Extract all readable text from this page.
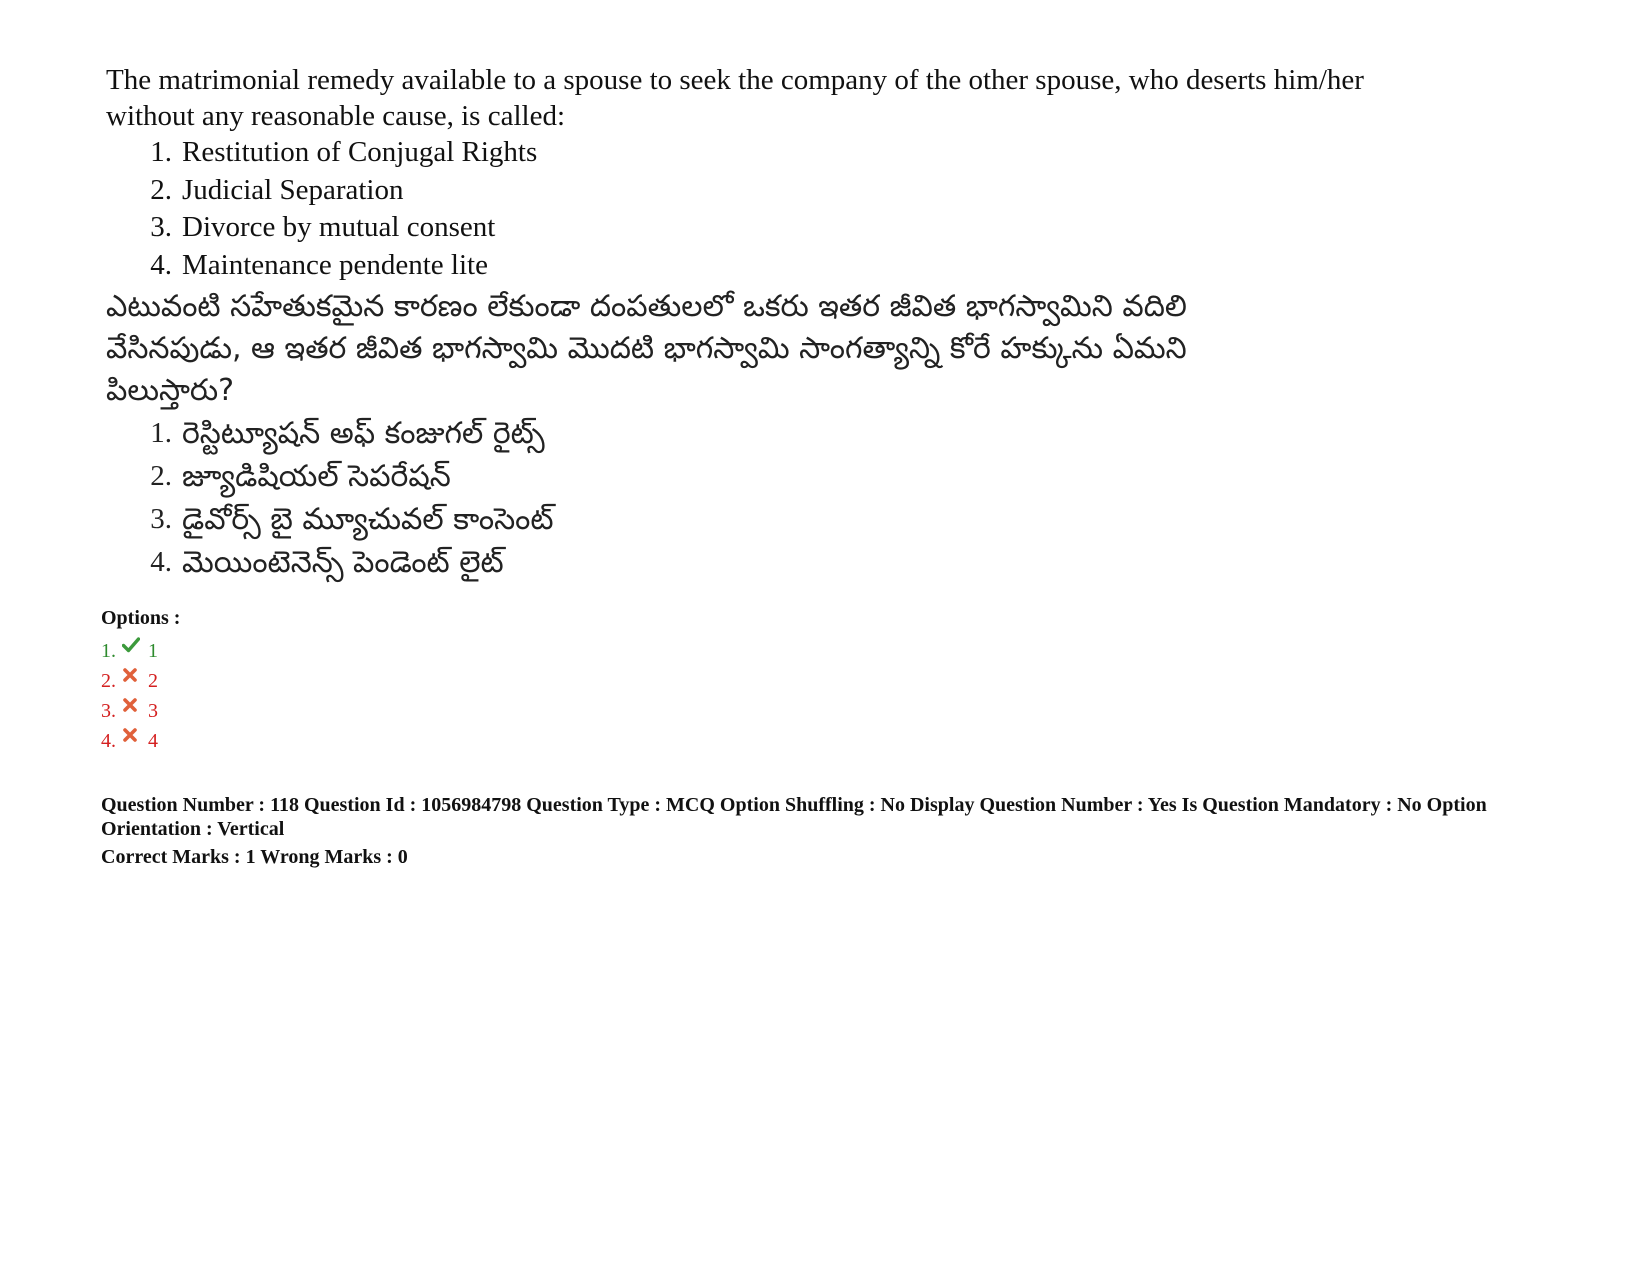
The matrimonial remedy available to a spouse to seek the company of the other spouse, who deserts him/her without any reasonable cause, is called:

1. Restitution of Conjugal Rights
2. Judicial Separation
3. Divorce by mutual consent
4. Maintenance pendente lite

ఎటువంటి సహేతుకమైన కారణం లేకుండా దంపతులలో ఒకరు ఇతర జీవిత భాగస్వామిని వదిలి వేసినపుడు, ఆ ఇతర జీవిత భాగస్వామి మొదటి భాగస్వామి సాంగత్యాన్ని కోరే హక్కును ఏమని పిలుస్తారు?

1. రెస్టిట్యూషన్ అఫ్ కంజుగల్ రైట్స్
2. జ్యూడిషియల్ సెపరేషన్
3. డైవోర్స్ బై మ్యూచువల్ కాంసెంట్
4. మెయింటెనెన్స్ పెండెంట్ లైట్
Options :
1. 1
2. 2
3. 3
4. 4

Question Number : 118 Question Id : 1056984798 Question Type : MCQ Option Shuffling : No Display Question Number : Yes Is Question Mandatory : No Option Orientation : Vertical

Correct Marks : 1 Wrong Marks : 0
